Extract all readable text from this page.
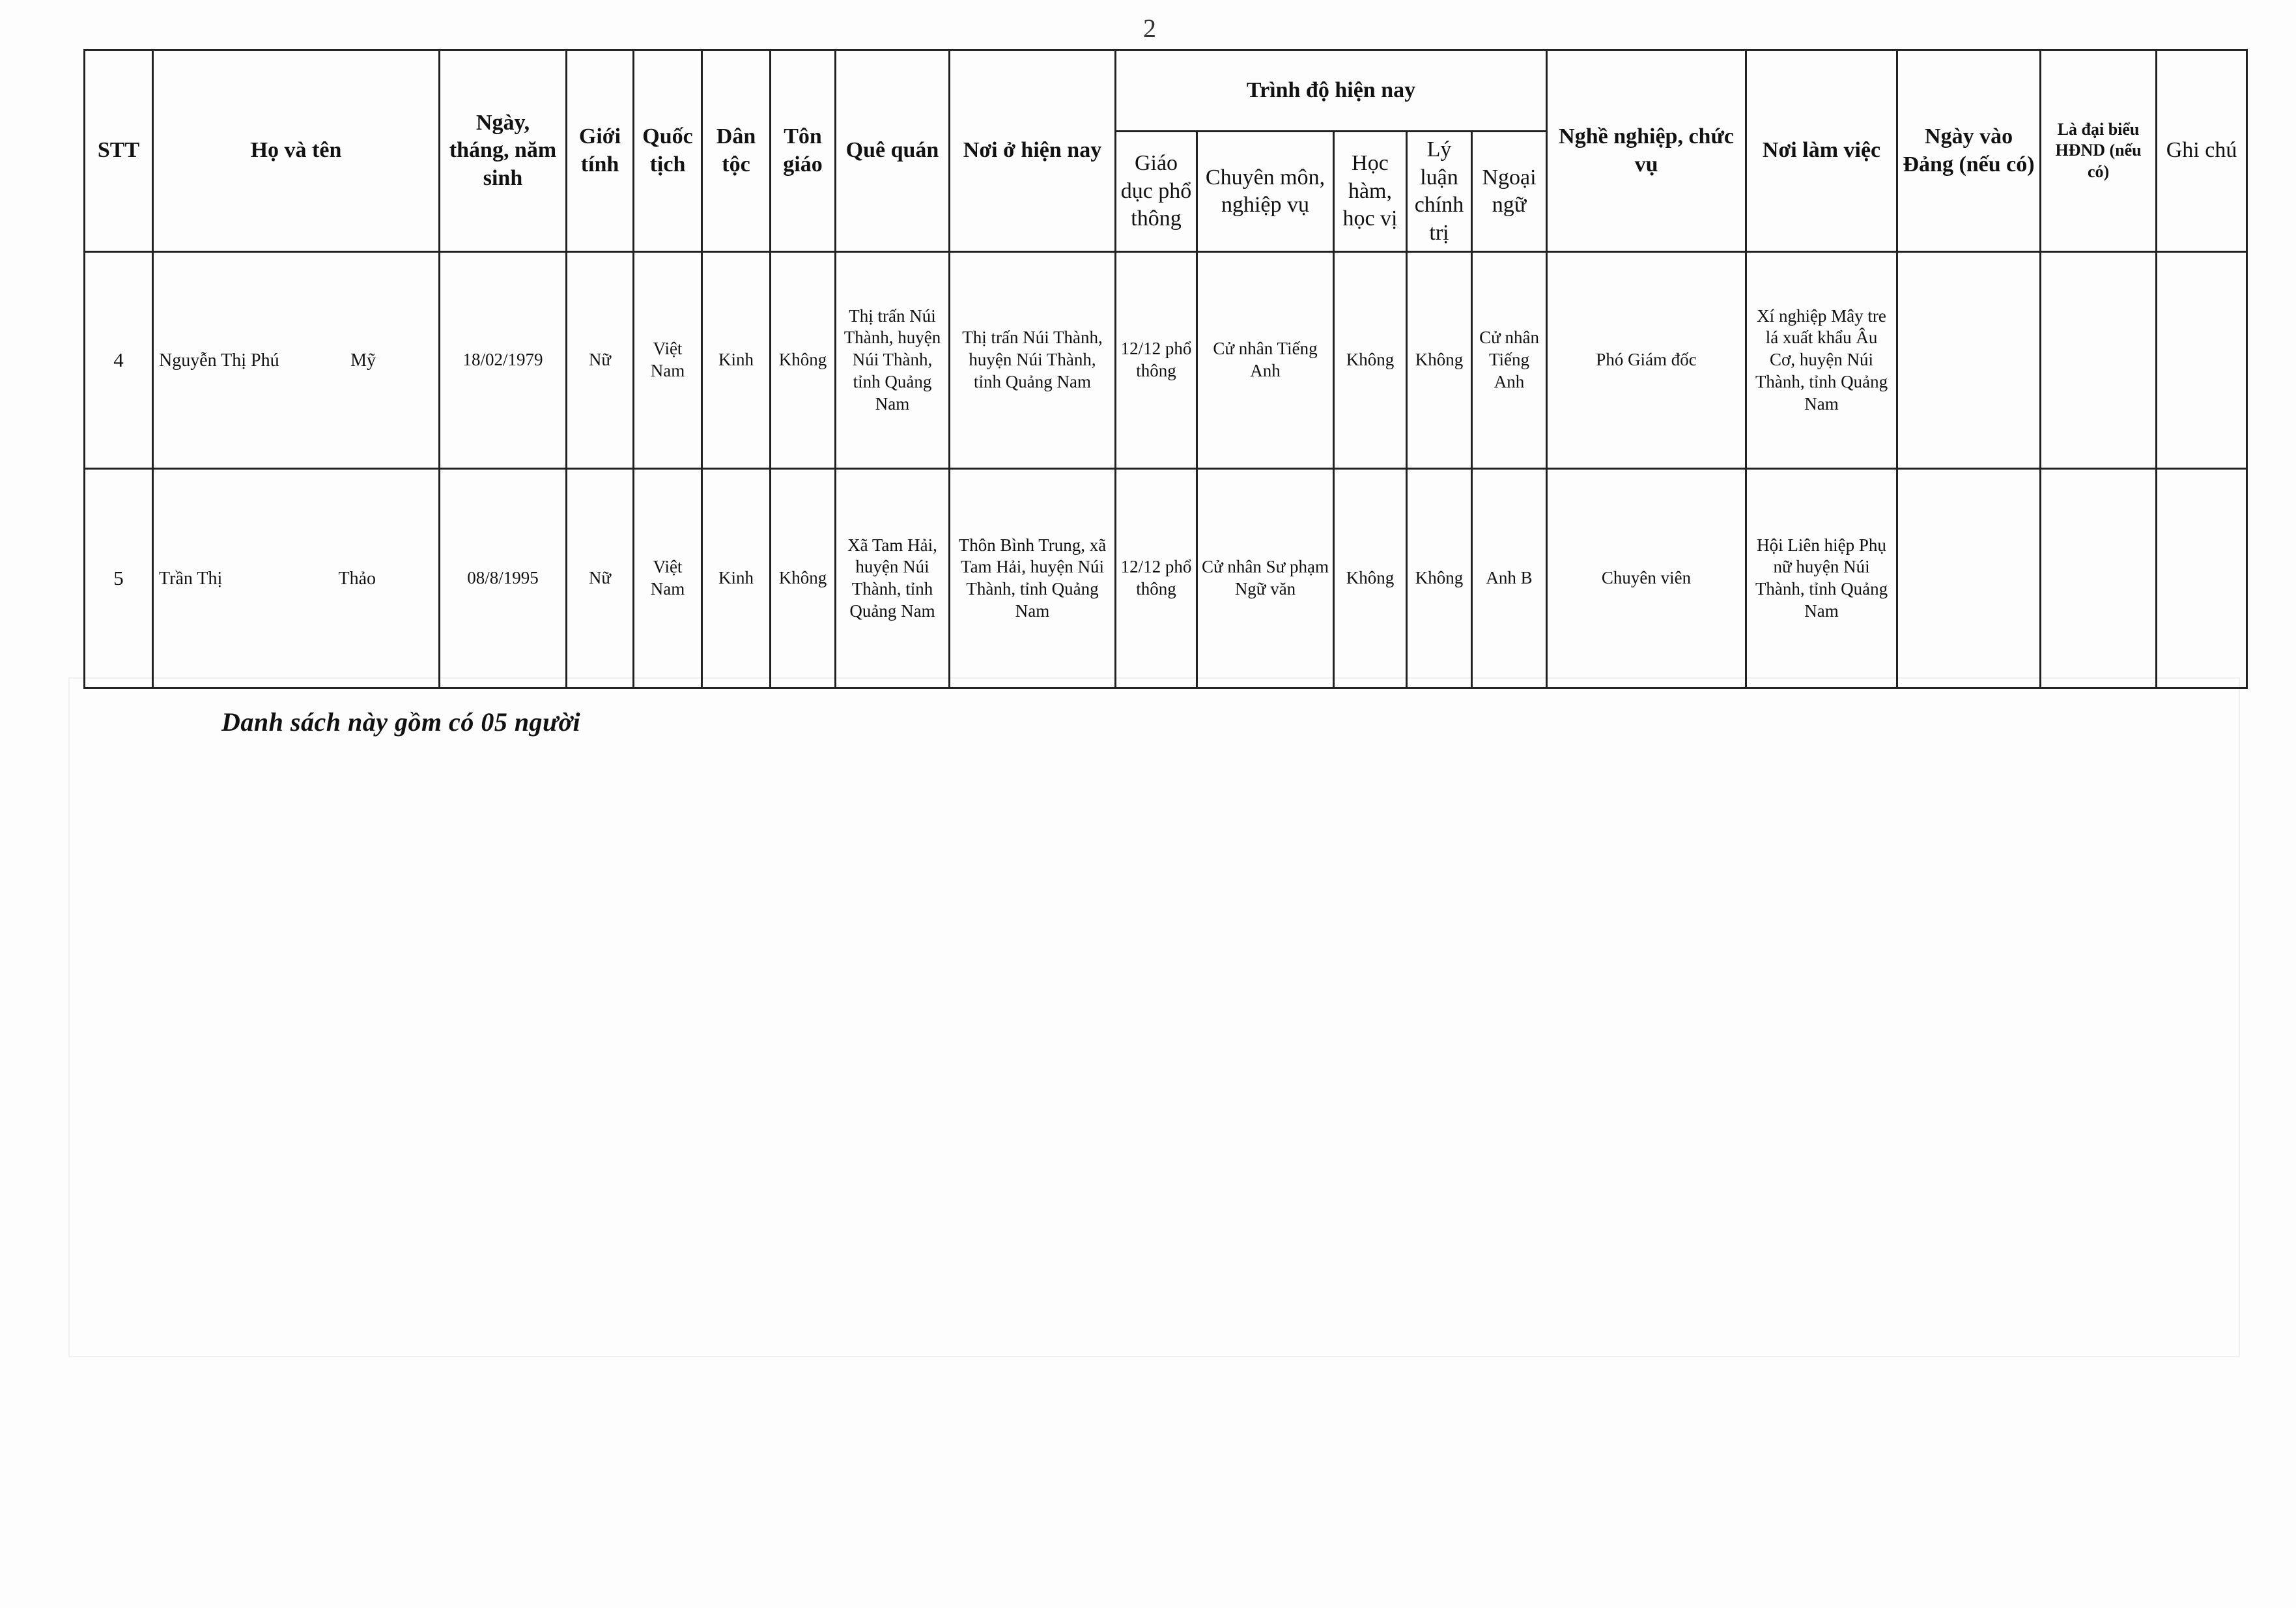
2
STT	Họ và tên	Ngày, tháng, năm sinh	Giới tính	Quốc tịch	Dân tộc	Tôn giáo	Quê quán	Nơi ở hiện nay	Trình độ hiện nay					Nghề nghiệp, chức vụ	Nơi làm việc	Ngày vào Đảng (nếu có)	Là đại biểu HĐND (nếu có)	Ghi chú
									Giáo dục phổ thông	Chuyên môn, nghiệp vụ	Học hàm, học vị	Lý luận chính trị	Ngoại ngữ					
4	Nguyễn Thị Phú Mỹ	18/02/1979	Nữ	Việt Nam	Kinh	Không	Thị trấn Núi Thành, huyện Núi Thành, tỉnh Quảng Nam	Thị trấn Núi Thành, huyện Núi Thành, tỉnh Quảng Nam	12/12 phổ thông	Cử nhân Tiếng Anh	Không	Không	Cử nhân Tiếng Anh	Phó Giám đốc	Xí nghiệp Mây tre lá xuất khẩu Âu Cơ, huyện Núi Thành, tỉnh Quảng Nam			
5	Trần Thị Thảo	08/8/1995	Nữ	Việt Nam	Kinh	Không	Xã Tam Hải, huyện Núi Thành, tỉnh Quảng Nam	Thôn Bình Trung, xã Tam Hải, huyện Núi Thành, tỉnh Quảng Nam	12/12 phổ thông	Cử nhân Sư phạm Ngữ văn	Không	Không	Anh B	Chuyên viên	Hội Liên hiệp Phụ nữ huyện Núi Thành, tỉnh Quảng Nam			
Danh sách này gồm có 05 người
